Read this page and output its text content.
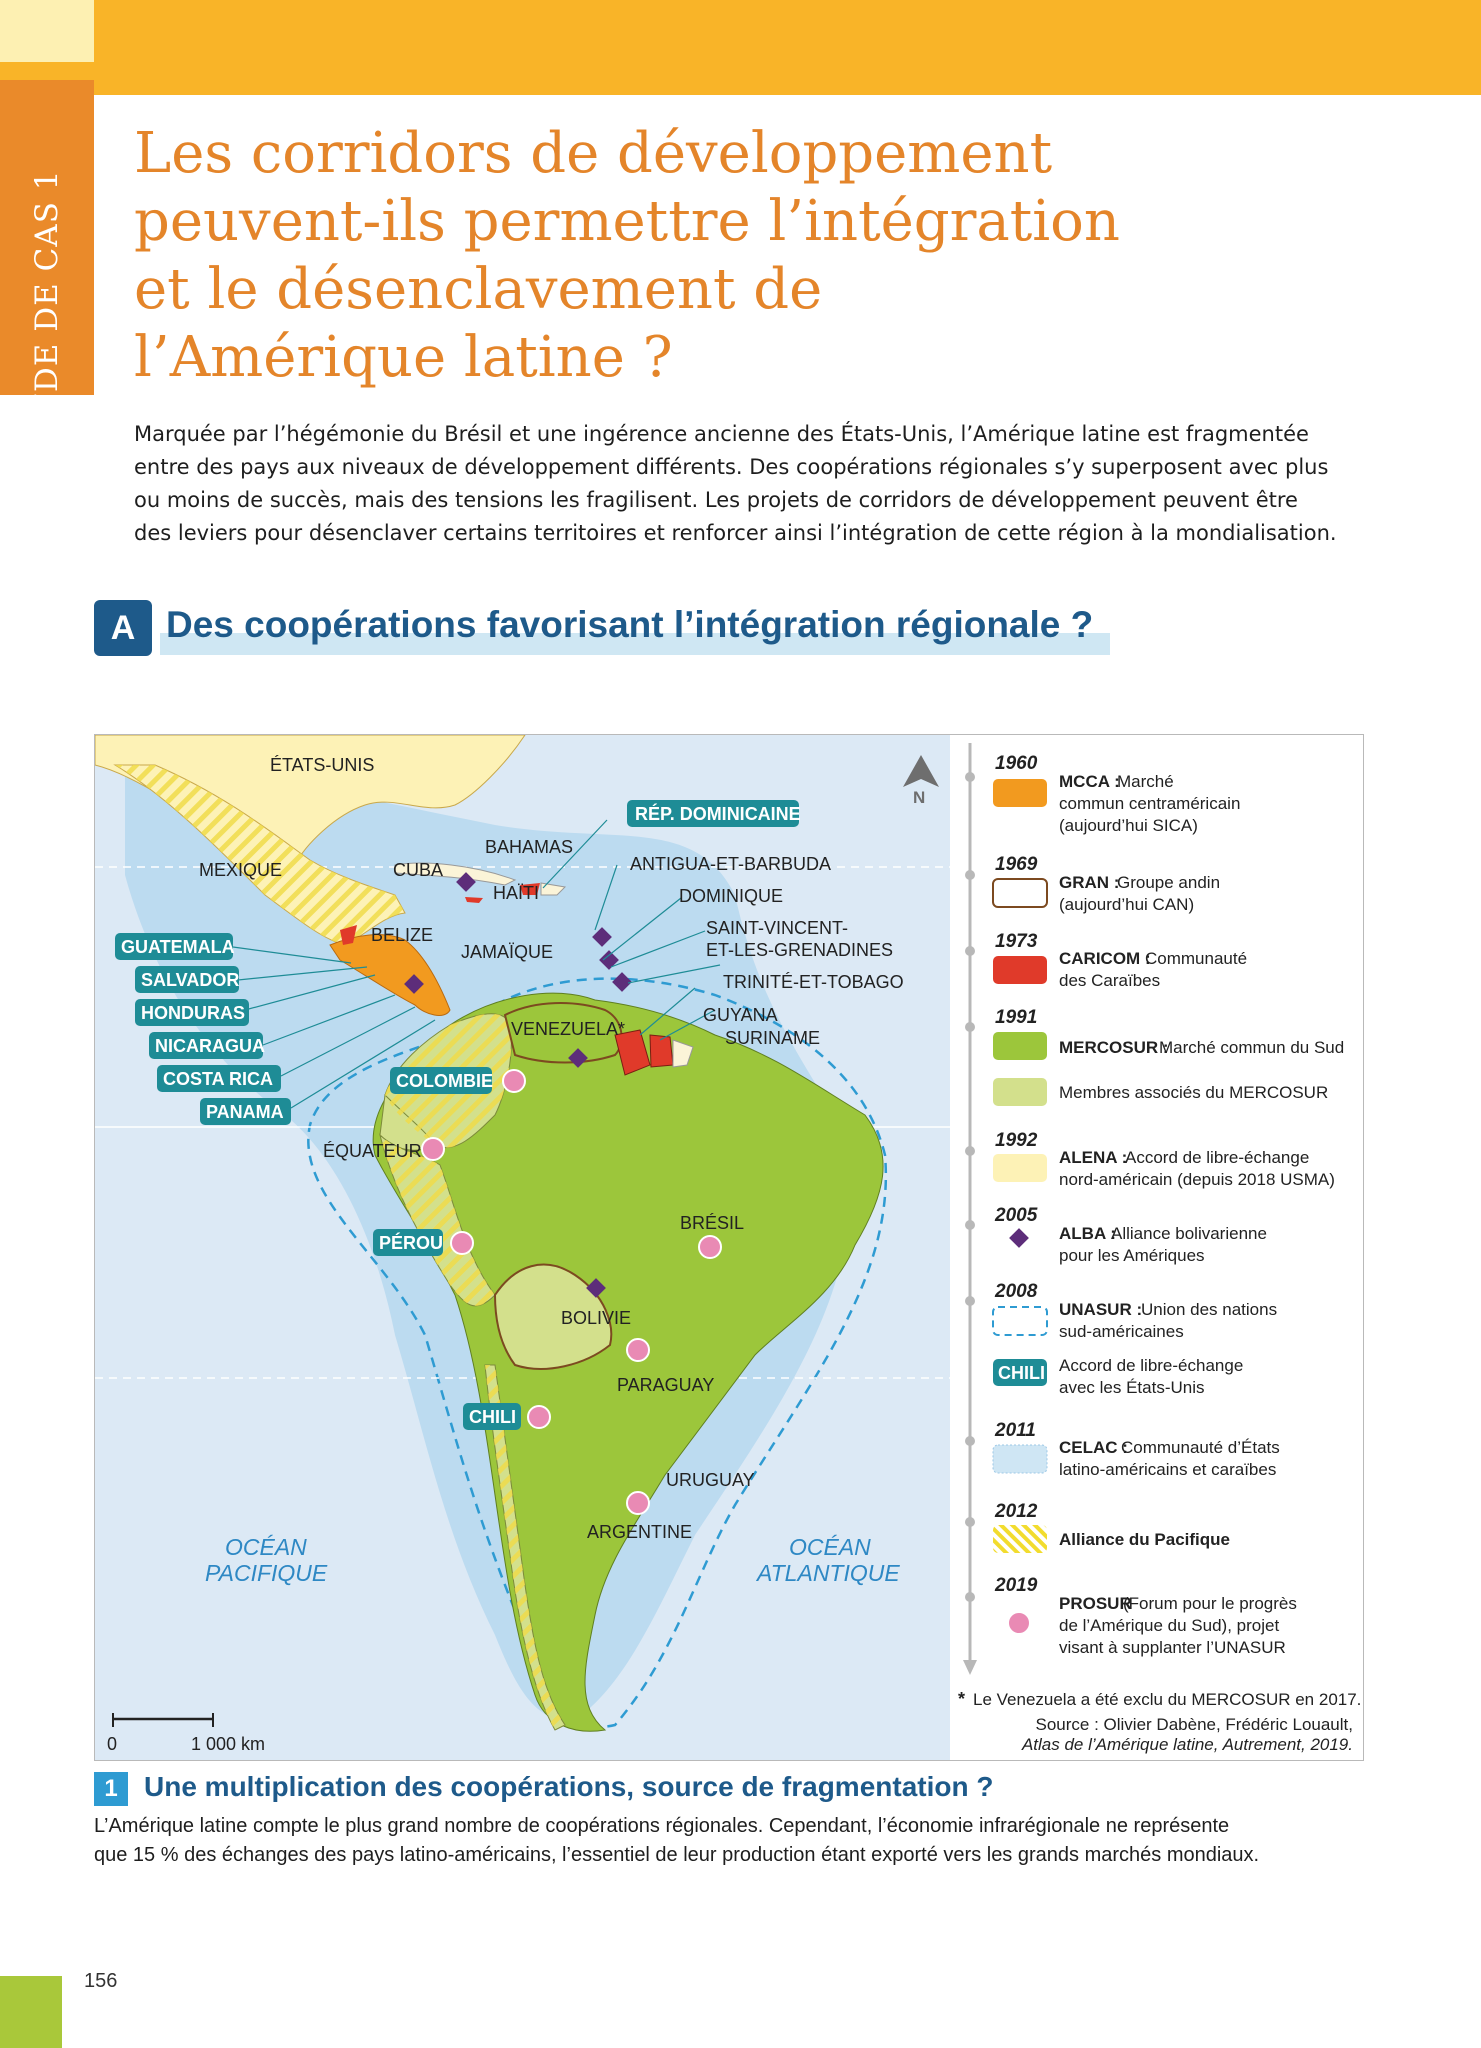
ÉTUDE DE CAS 1
Les corridors de développement
peuvent-ils permettre l’intégration
et le désenclavement de
l’Amérique latine ?

Marquée par l’hégémonie du Brésil et une ingérence ancienne des États-Unis, l’Amérique latine est fragmentée
entre des pays aux niveaux de développement différents. Des coopérations régionales s’y superposent avec plus
ou moins de succès, mais des tensions les fragilisent. Les projets de corridors de développement peuvent être
des leviers pour désenclaver certains territoires et renforcer ainsi l’intégration de cette région à la mondialisation.

A Des coopérations favorisant l’intégration régionale ?
ÉTATS-UNIS
MEXIQUE	CUBA
BAHAMAS
HAÏTI
BELIZE
JAMAÏQUE
ANTIGUA-ET-BARBUDA
DOMINIQUE
SAINT-VINCENT-
ET-LES-GRENADINES
TRINITÉ-ET-TOBAGO
GUYANA
SURINAME
VENEZUELA*
ÉQUATEUR
BRÉSIL
BOLIVIE
PARAGUAY
URUGUAY
ARGENTINE
RÉP. DOMINICAINE
GUATEMALA
SALVADOR
HONDURAS
NICARAGUA
COSTA RICA
PANAMA
COLOMBIE
PÉROU
CHILI
OCÉAN
PACIFIQUE
OCÉAN
ATLANTIQUE
N
0	1 000 km
1960
MCCA :
Marché
commun centraméricain
(aujourd’hui SICA)
1969
GRAN :
Groupe andin
(aujourd’hui CAN)
1973
CARICOM :
Communauté
des Caraïbes
1991
MERCOSUR :
Marché commun du Sud
Membres associés du MERCOSUR
1992
ALENA :
Accord de libre-échange
nord-américain (depuis 2018 USMA)
2005
ALBA :
Alliance bolivarienne
pour les Amériques
2008
UNASUR :
Union des nations
sud-américaines
CHILI Accord de libre-échange
avec les États-Unis
2011
CELAC :
Communauté d’États
latino-américains et caraïbes
2012
Alliance du Pacifique
2019
PROSUR
(Forum pour le progrès
de l’Amérique du Sud), projet
visant à supplanter l’UNASUR
* Le Venezuela a été exclu du MERCOSUR en 2017.
Source : Olivier Dabène, Frédéric Louault,
Atlas de l’Amérique latine, Autrement, 2019.
1 Une multiplication des coopérations, source de fragmentation ?

L’Amérique latine compte le plus grand nombre de coopérations régionales. Cependant, l’économie infrarégionale ne représente
que 15 % des échanges des pays latino-américains, l’essentiel de leur production étant exporté vers les grands marchés mondiaux.

156
